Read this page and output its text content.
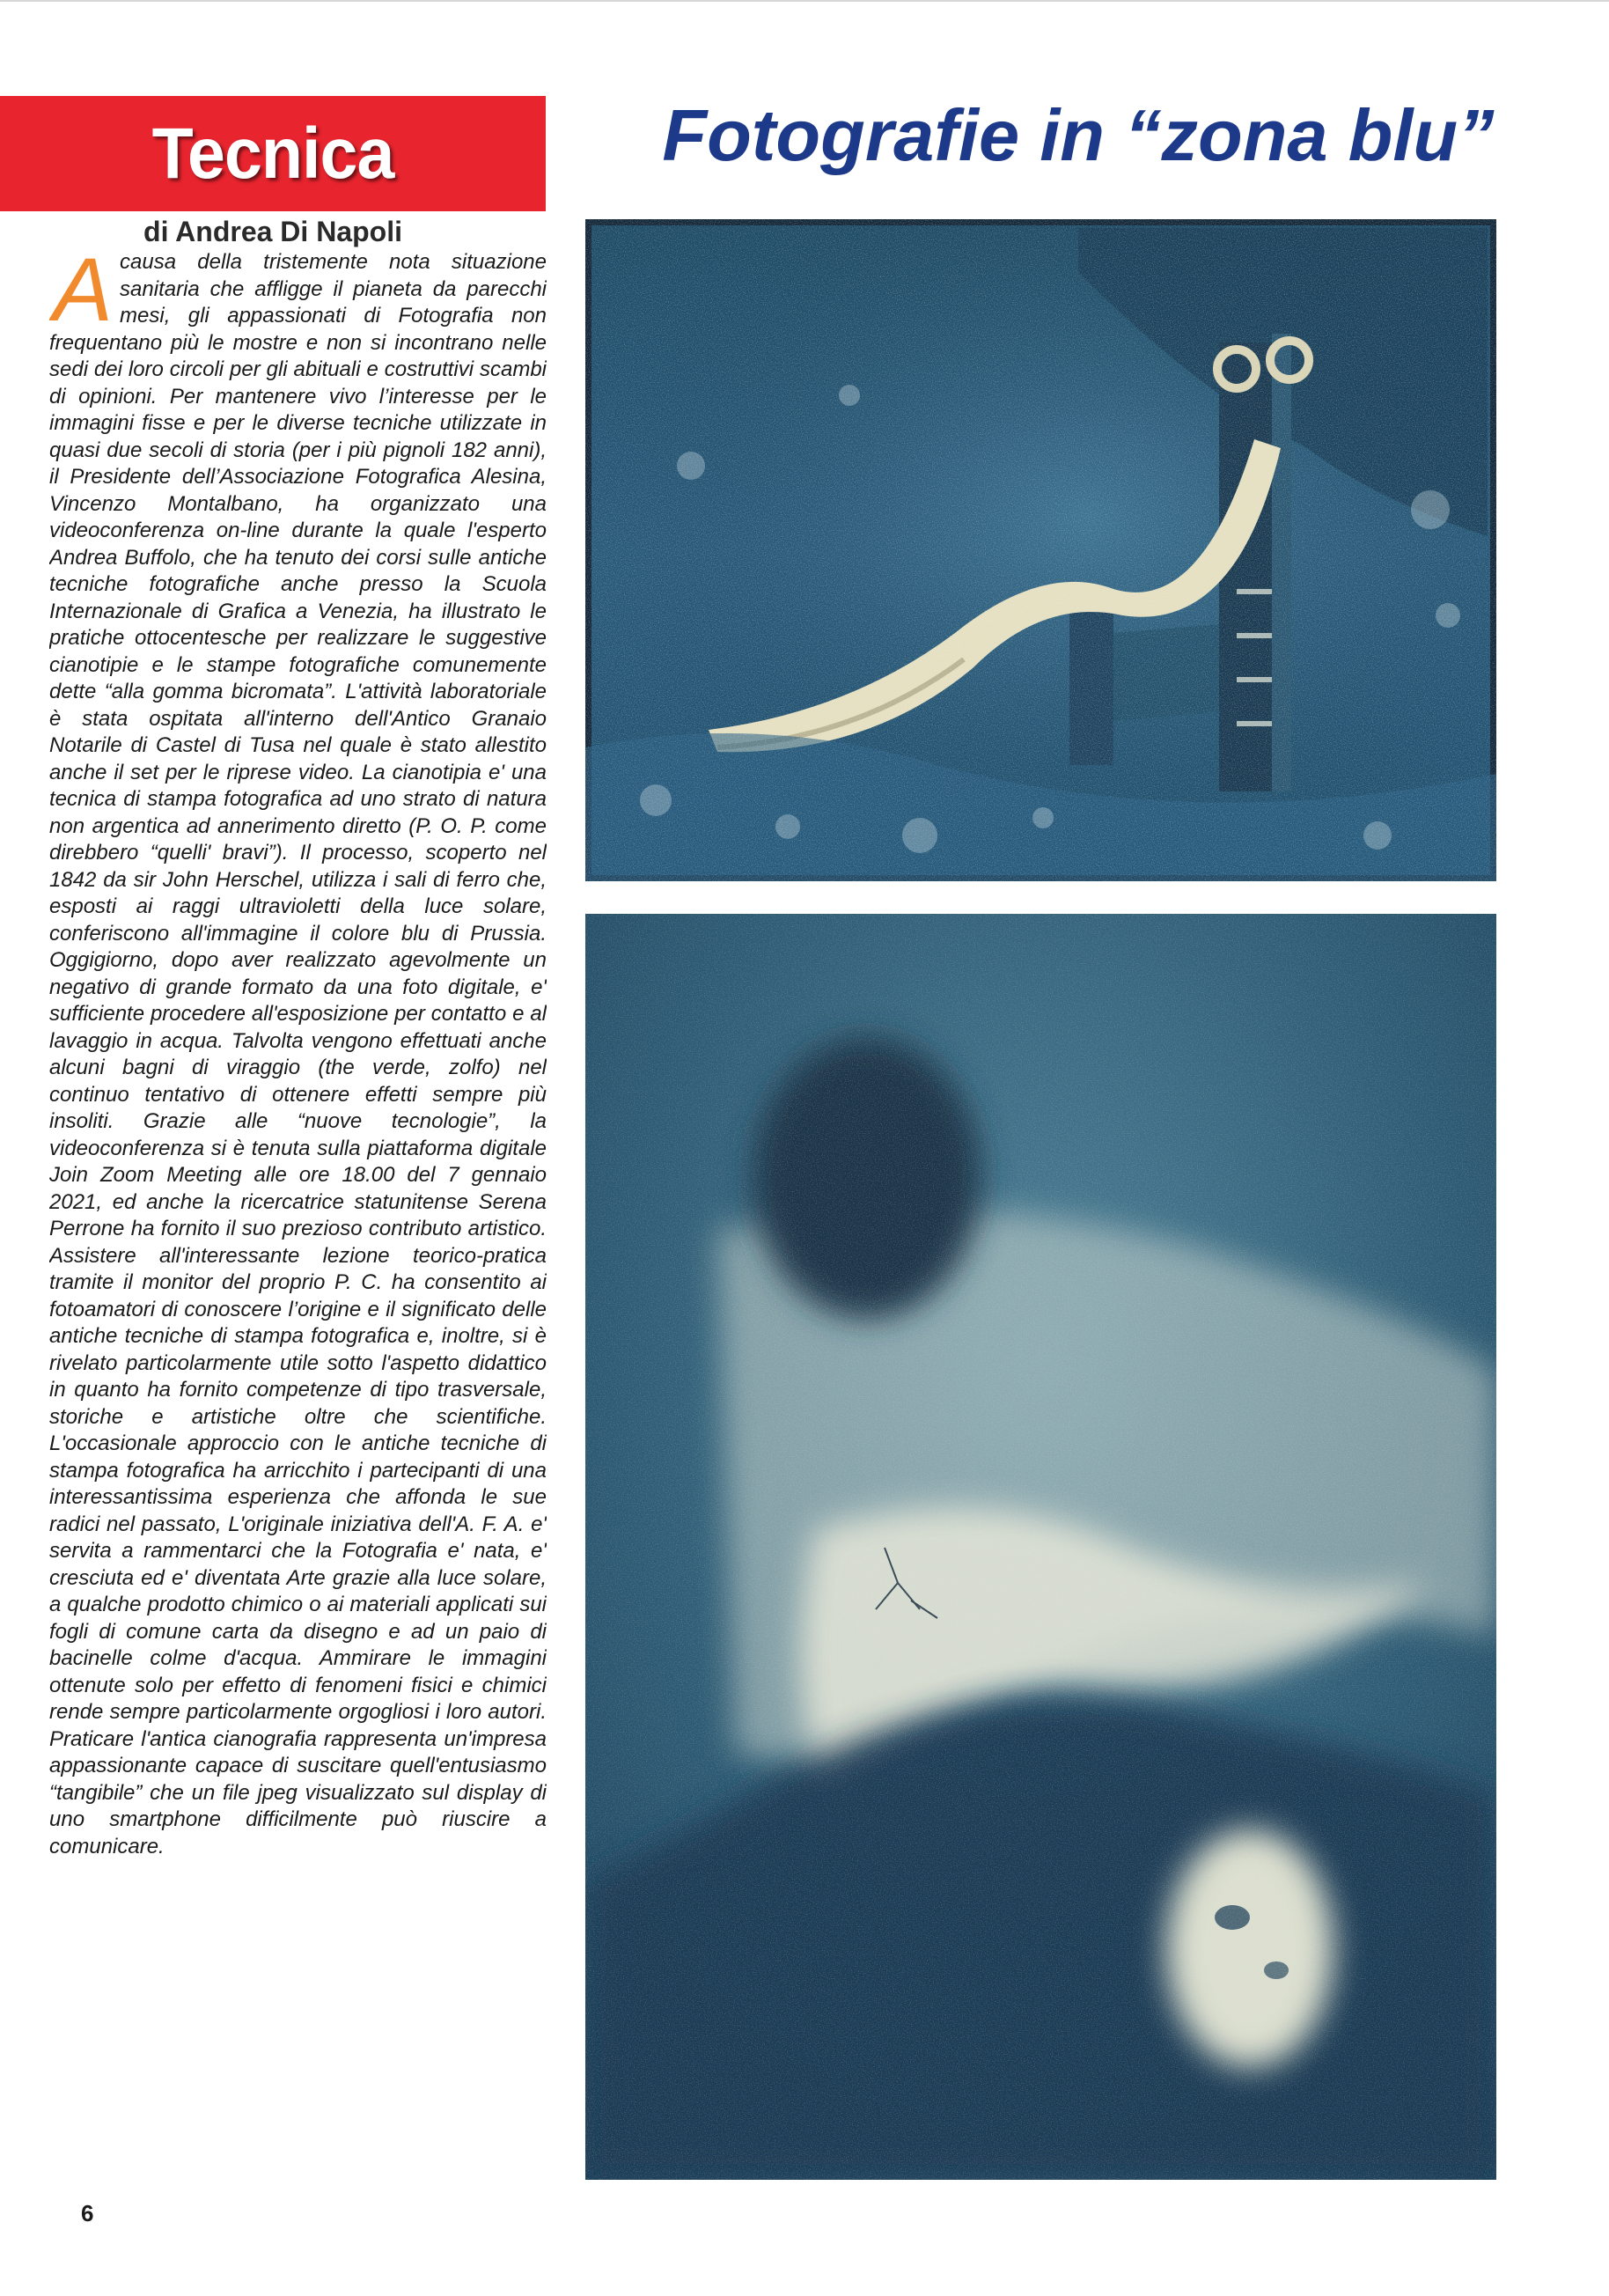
Tecnica	Fotografie in “zona blu”
di Andrea Di Napoli
Acausa della tristemente nota situazione sanitaria che affligge il pianeta da parecchi mesi, gli appassionati di Fotografia non frequentano più le mostre e non si incontrano nelle sedi dei loro circoli per gli abituali e costruttivi scambi di opinioni. Per mantenere vivo l’interesse per le immagini fisse e per le diverse tecniche utilizzate in quasi due secoli di storia (per i più pignoli 182 anni), il Presidente dell’Associazione Fotografica Alesina, Vincenzo Montalbano, ha organizzato una videoconferenza on-line durante la quale l'esperto Andrea Buffolo, che ha tenuto dei corsi sulle antiche tecniche fotografiche anche presso la Scuola Internazionale di Grafica a Venezia, ha illustrato le pratiche ottocentesche per realizzare le suggestive cianotipie e le stampe fotografiche comunemente dette “alla gomma bicromata”. L'attività laboratoriale è stata ospitata all'interno dell'Antico Granaio Notarile di Castel di Tusa nel quale è stato allestito anche il set per le riprese video. La cianotipia e' una tecnica di stampa fotografica ad uno strato di natura non argentica ad annerimento diretto (P. O. P. come direbbero “quelli' bravi”). Il processo, scoperto nel 1842 da sir John Herschel, utilizza i sali di ferro che, esposti ai raggi ultravioletti della luce solare, conferiscono all'immagine il colore blu di Prussia. Oggigiorno, dopo aver realizzato agevolmente un negativo di grande formato da una foto digitale, e' sufficiente procedere all'esposizione per contatto e al lavaggio in acqua. Talvolta vengono effettuati anche alcuni bagni di viraggio (the verde, zolfo) nel continuo tentativo di ottenere effetti sempre più insoliti. Grazie alle “nuove tecnologie”, la videoconferenza si è tenuta sulla piattaforma digitale Join Zoom Meeting alle ore 18.00 del 7 gennaio 2021, ed anche la ricercatrice statunitense Serena Perrone ha fornito il suo prezioso contributo artistico. Assistere all'interessante lezione teorico-pratica tramite il monitor del proprio P. C. ha consentito ai fotoamatori di conoscere l’origine e il significato delle antiche tecniche di stampa fotografica e, inoltre, si è rivelato particolarmente utile sotto l'aspetto didattico in quanto ha fornito competenze di tipo trasversale, storiche e artistiche oltre che scientifiche. L'occasionale approccio con le antiche tecniche di stampa fotografica ha arricchito i partecipanti di una interessantissima esperienza che affonda le sue radici nel passato, L'originale iniziativa dell'A. F. A. e' servita a rammentarci che la Fotografia e' nata, e' cresciuta ed e' diventata Arte grazie alla luce solare, a qualche prodotto chimico o ai materiali applicati sui fogli di comune carta da disegno e ad un paio di bacinelle colme d'acqua. Ammirare le immagini ottenute solo per effetto di fenomeni fisici e chimici rende sempre particolarmente orgogliosi i loro autori. Praticare l'antica cianografia rappresenta un'impresa appassionante capace di suscitare quell'entusiasmo “tangibile” che un file jpeg visualizzato sul display di uno smartphone difficilmente può riuscire a comunicare.
6
